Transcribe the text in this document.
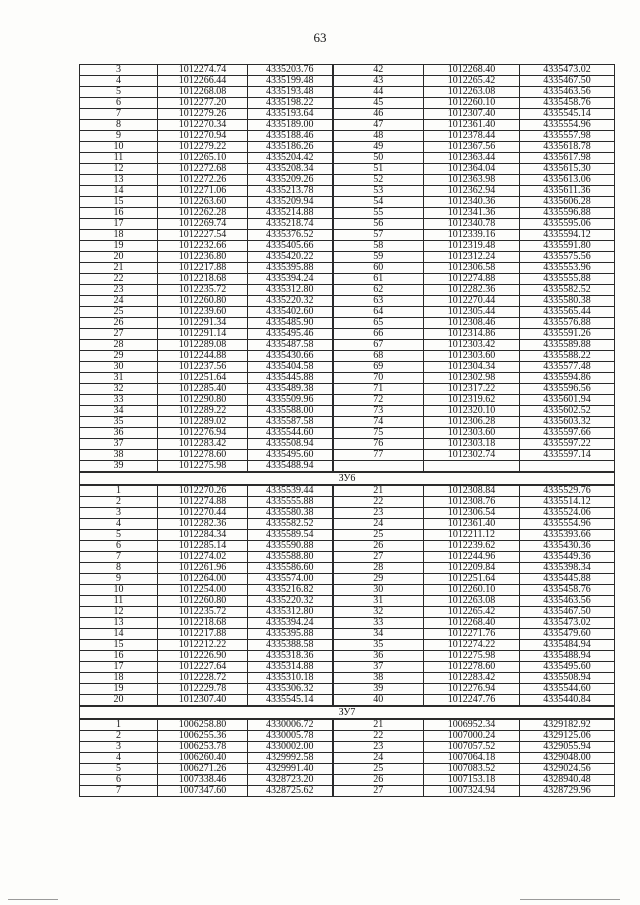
63
3	1012274.74	4335203.76	42	1012268.40	4335473.02
4	1012266.44	4335199.48	43	1012265.42	4335467.50
5	1012268.08	4335193.48	44	1012263.08	4335463.56
6	1012277.20	4335198.22	45	1012260.10	4335458.76
7	1012279.26	4335193.64	46	1012307.40	4335545.14
8	1012270.34	4335189.00	47	1012361.40	4335554.96
9	1012270.94	4335188.46	48	1012378.44	4335557.98
10	1012279.22	4335186.26	49	1012367.56	4335618.78
11	1012265.10	4335204.42	50	1012363.44	4335617.98
12	1012272.68	4335208.34	51	1012364.04	4335615.30
13	1012272.26	4335209.26	52	1012363.98	4335613.06
14	1012271.06	4335213.78	53	1012362.94	4335611.36
15	1012263.60	4335209.94	54	1012340.36	4335606.28
16	1012262.28	4335214.88	55	1012341.36	4335596.88
17	1012269.74	4335218.74	56	1012340.78	4335595.06
18	1012227.54	4335376.52	57	1012339.16	4335594.12
19	1012232.66	4335405.66	58	1012319.48	4335591.80
20	1012236.80	4335420.22	59	1012312.24	4335575.56
21	1012217.88	4335395.88	60	1012306.58	4335553.96
22	1012218.68	4335394.24	61	1012274.88	4335555.88
23	1012235.72	4335312.80	62	1012282.36	4335582.52
24	1012260.80	4335220.32	63	1012270.44	4335580.38
25	1012239.60	4335402.60	64	1012305.44	4335565.44
26	1012291.34	4335485.90	65	1012308.46	4335576.88
27	1012291.14	4335495.46	66	1012314.86	4335591.26
28	1012289.08	4335487.58	67	1012303.42	4335589.88
29	1012244.88	4335430.66	68	1012303.60	4335588.22
30	1012237.56	4335404.58	69	1012304.34	4335577.48
31	1012251.64	4335445.88	70	1012302.98	4335594.86
32	1012285.40	4335489.38	71	1012317.22	4335596.56
33	1012290.80	4335509.96	72	1012319.62	4335601.94
34	1012289.22	4335588.00	73	1012320.10	4335602.52
35	1012289.02	4335587.58	74	1012306.28	4335603.32
36	1012276.94	4335544.60	75	1012303.60	4335597.66
37	1012283.42	4335508.94	76	1012303.18	4335597.22
38	1012278.60	4335495.60	77	1012302.74	4335597.14
39	1012275.98	4335488.94			
ЗУ6					
1	1012270.26	4335539.44	21	1012308.84	4335529.76
2	1012274.88	4335555.88	22	1012308.76	4335514.12
3	1012270.44	4335580.38	23	1012306.54	4335524.06
4	1012282.36	4335582.52	24	1012361.40	4335554.96
5	1012284.34	4335589.54	25	1012211.12	4335393.66
6	1012285.14	4335590.88	26	1012239.62	4335430.36
7	1012274.02	4335588.80	27	1012244.96	4335449.36
8	1012261.96	4335586.60	28	1012209.84	4335398.34
9	1012264.00	4335574.00	29	1012251.64	4335445.88
10	1012254.00	4335216.82	30	1012260.10	4335458.76
11	1012260.80	4335220.32	31	1012263.08	4335463.56
12	1012235.72	4335312.80	32	1012265.42	4335467.50
13	1012218.68	4335394.24	33	1012268.40	4335473.02
14	1012217.88	4335395.88	34	1012271.76	4335479.60
15	1012212.22	4335388.58	35	1012274.22	4335484.94
16	1012226.90	4335318.36	36	1012275.98	4335488.94
17	1012227.64	4335314.88	37	1012278.60	4335495.60
18	1012228.72	4335310.18	38	1012283.42	4335508.94
19	1012229.78	4335306.32	39	1012276.94	4335544.60
20	1012307.40	4335545.14	40	1012247.76	4335440.84
ЗУ7					
1	1006258.80	4330006.72	21	1006952.34	4329182.92
2	1006255.36	4330005.78	22	1007000.24	4329125.06
3	1006253.78	4330002.00	23	1007057.52	4329055.94
4	1006260.40	4329992.58	24	1007064.18	4329048.00
5	1006271.26	4329991.40	25	1007083.52	4329024.56
6	1007338.46	4328723.20	26	1007153.18	4328940.48
7	1007347.60	4328725.62	27	1007324.94	4328729.96
